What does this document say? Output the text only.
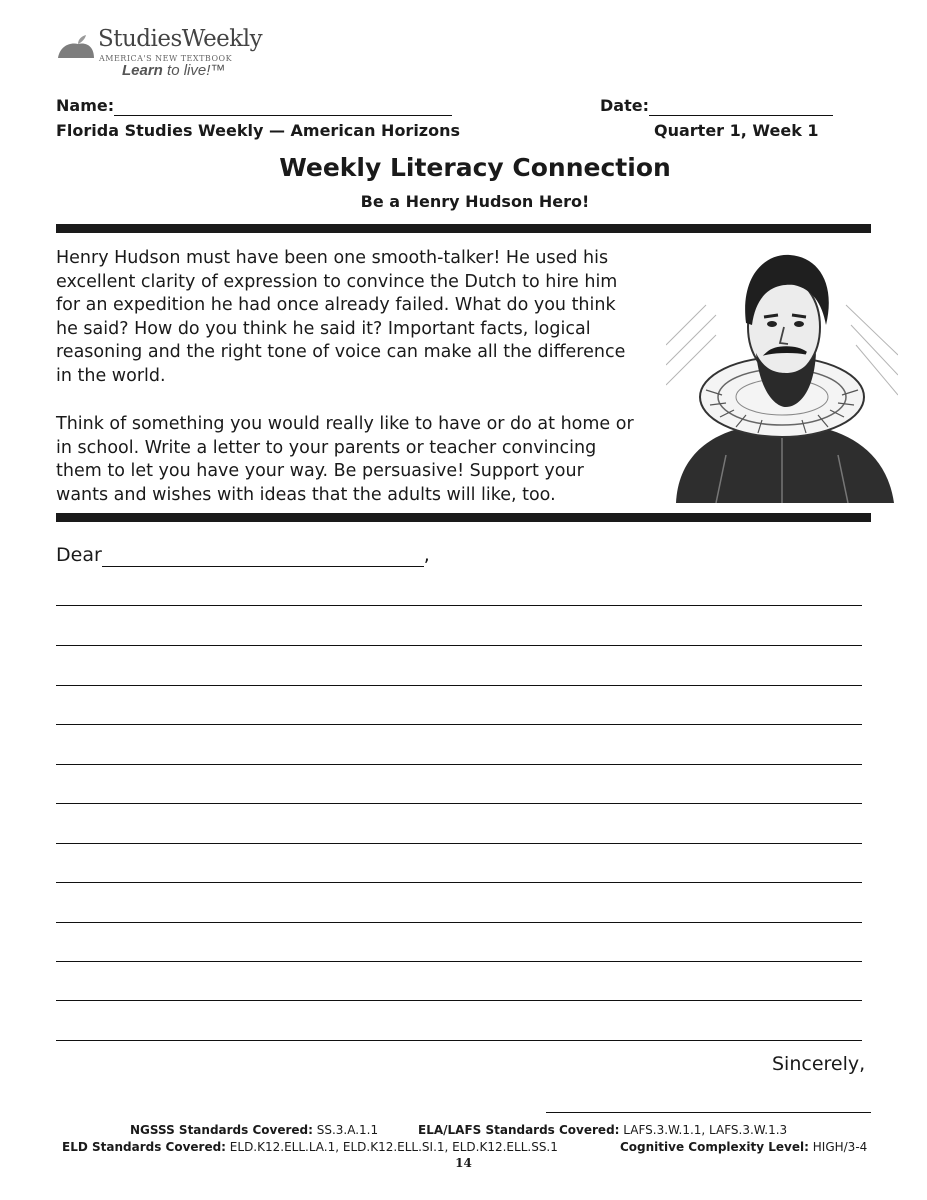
StudiesWeekly
AMERICA'S NEW TEXTBOOK
Learn to live!™
Name:	Date:
Florida Studies Weekly — American Horizons	Quarter 1, Week 1
Weekly Literacy Connection
Be a Henry Hudson Hero!
Henry Hudson must have been one smooth-talker! He used his
excellent clarity of expression to convince the Dutch to hire him
for an expedition he had once already failed. What do you think
he said? How do you think he said it? Important facts, logical
reasoning and the right tone of voice can make all the difference
in the world.
Think of something you would really like to have or do at home or
in school. Write a letter to your parents or teacher convincing
them to let you have your way. Be persuasive! Support your
wants and wishes with ideas that the adults will like, too.
Dear	,
Sincerely,
NGSSS Standards Covered: SS.3.A.1.1	ELA/LAFS Standards Covered: LAFS.3.W.1.1, LAFS.3.W.1.3
ELD Standards Covered: ELD.K12.ELL.LA.1, ELD.K12.ELL.SI.1, ELD.K12.ELL.SS.1	Cognitive Complexity Level: HIGH/3-4
14
